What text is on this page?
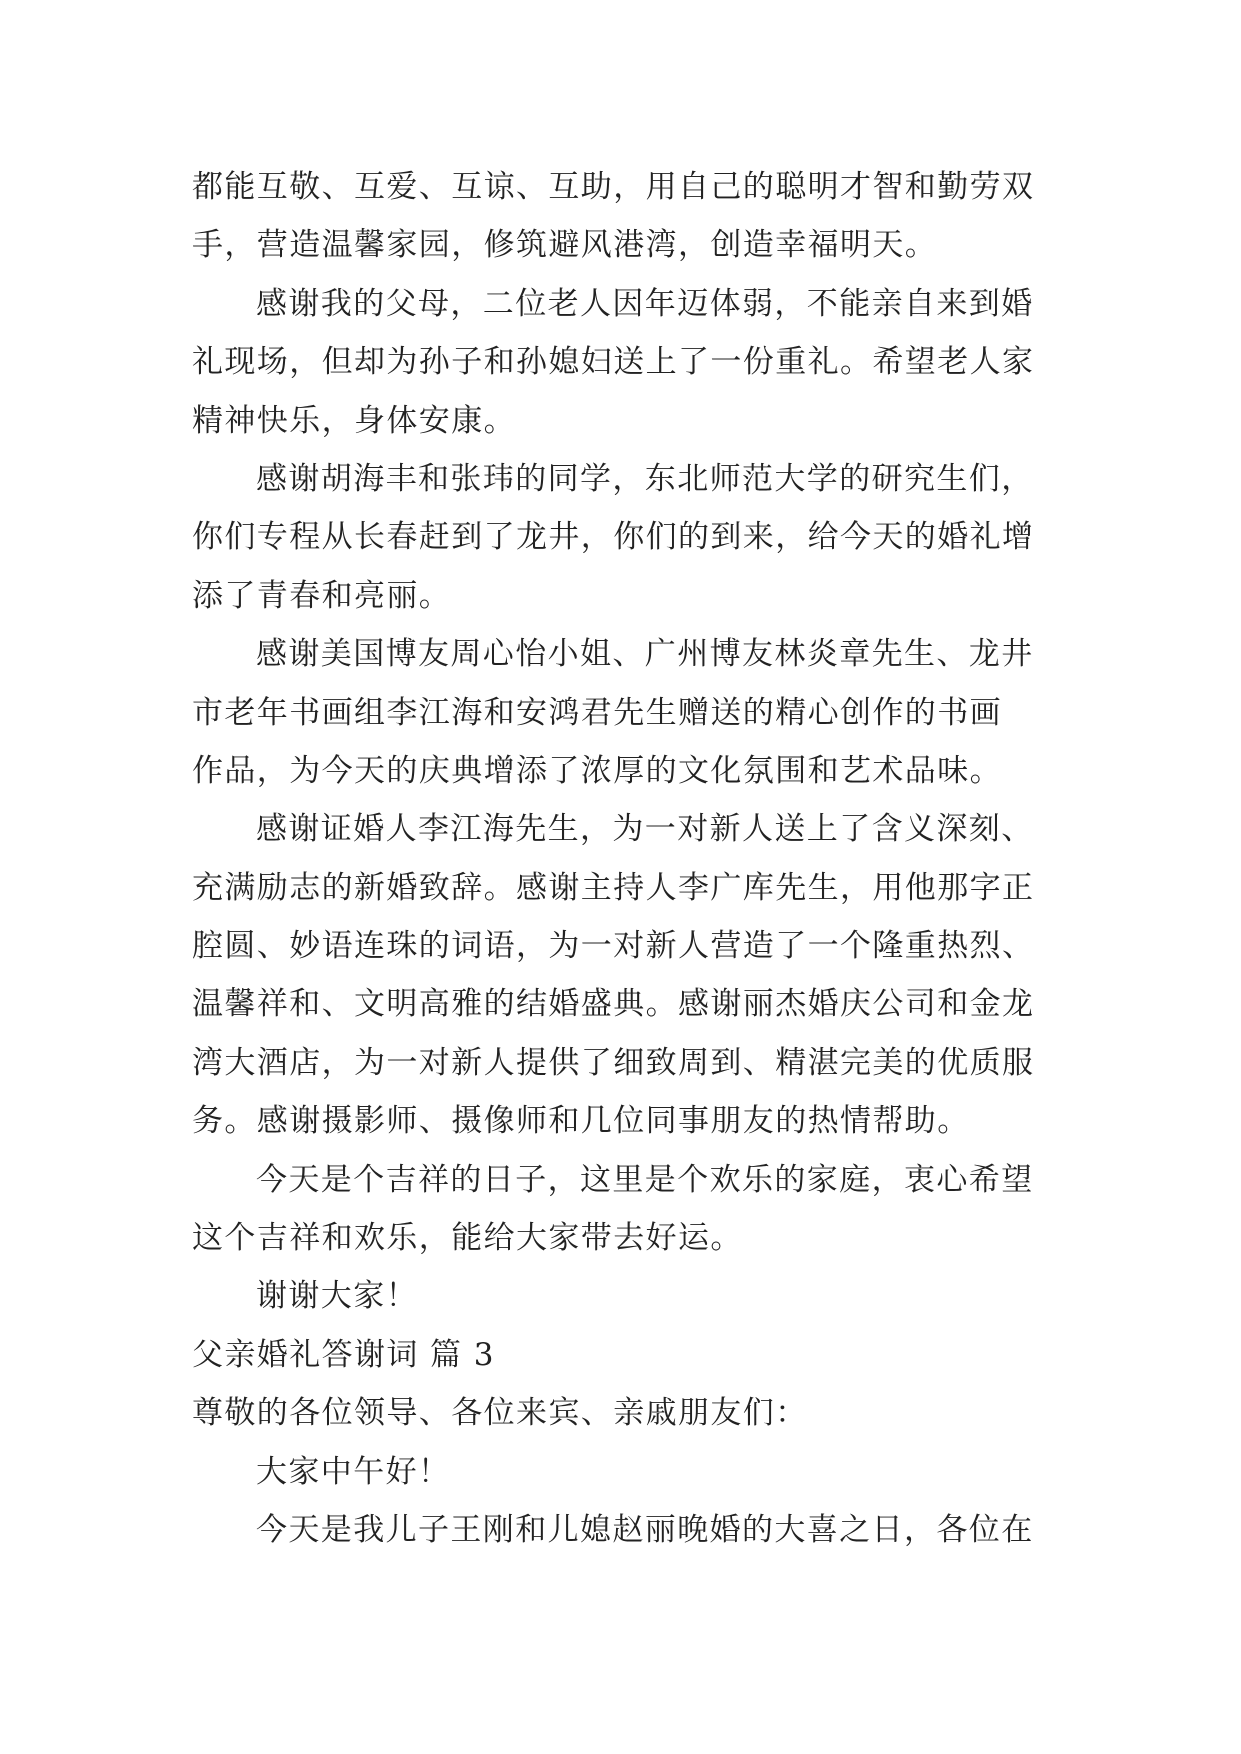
都能互敬、互爱、互谅、互助，用自己的聪明才智和勤劳双
手，营造温馨家园，修筑避风港湾，创造幸福明天。
感谢我的父母，二位老人因年迈体弱，不能亲自来到婚
礼现场，但却为孙子和孙媳妇送上了一份重礼。希望老人家
精神快乐，身体安康。
感谢胡海丰和张玮的同学，东北师范大学的研究生们，
你们专程从长春赶到了龙井，你们的到来，给今天的婚礼增
添了青春和亮丽。
感谢美国博友周心怡小姐、广州博友林炎章先生、龙井
市老年书画组李江海和安鸿君先生赠送的精心创作的书画
作品，为今天的庆典增添了浓厚的文化氛围和艺术品味。
感谢证婚人李江海先生，为一对新人送上了含义深刻、
充满励志的新婚致辞。感谢主持人李广库先生，用他那字正
腔圆、妙语连珠的词语，为一对新人营造了一个隆重热烈、
温馨祥和、文明高雅的结婚盛典。感谢丽杰婚庆公司和金龙
湾大酒店，为一对新人提供了细致周到、精湛完美的优质服
务。感谢摄影师、摄像师和几位同事朋友的热情帮助。
今天是个吉祥的日子，这里是个欢乐的家庭，衷心希望
这个吉祥和欢乐，能给大家带去好运。
谢谢大家！
父亲婚礼答谢词 篇 3
尊敬的各位领导、各位来宾、亲戚朋友们：
大家中午好！
今天是我儿子王刚和儿媳赵丽晚婚的大喜之日，各位在
